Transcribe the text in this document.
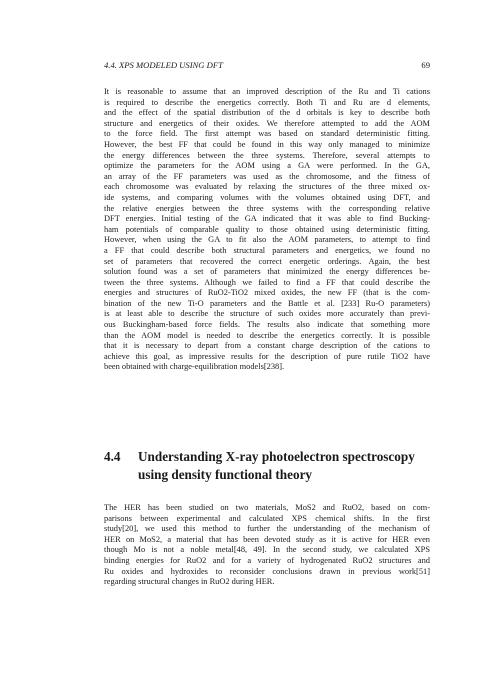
4.4. XPS MODELED USING DFT	69
It is reasonable to assume that an improved description of the Ru and Ti cations
is required to describe the energetics correctly. Both Ti and Ru are d elements,
and the effect of the spatial distribution of the d orbitals is key to describe both
structure and energetics of their oxides. We therefore attempted to add the AOM
to the force field. The first attempt was based on standard deterministic fitting.
However, the best FF that could be found in this way only managed to minimize
the energy differences between the three systems. Therefore, several attempts to
optimize the parameters for the AOM using a GA were performed. In the GA,
an array of the FF parameters was used as the chromosome, and the fitness of
each chromosome was evaluated by relaxing the structures of the three mixed ox-
ide systems, and comparing volumes with the volumes obtained using DFT, and
the relative energies between the three systems with the corresponding relative
DFT energies. Initial testing of the GA indicated that it was able to find Bucking-
ham potentials of comparable quality to those obtained using deterministic fitting.
However, when using the GA to fit also the AOM parameters, to attempt to find
a FF that could describe both structural parameters and energetics, we found no
set of parameters that recovered the correct energetic orderings. Again, the best
solution found was a set of parameters that minimized the energy differences be-
tween the three systems. Although we failed to find a FF that could describe the
energies and structures of RuO2-TiO2 mixed oxides, the new FF (that is the com-
bination of the new Ti-O parameters and the Battle et al. [233] Ru-O parameters)
is at least able to describe the structure of such oxides more accurately than previ-
ous Buckingham-based force fields. The results also indicate that something more
than the AOM model is needed to describe the energetics correctly. It is possible
that it is necessary to depart from a constant charge description of the cations to
achieve this goal, as impressive results for the description of pure rutile TiO2 have
been obtained with charge-equilibration models[238].
4.4 Understanding X-ray photoelectron spectroscopy
using density functional theory
The HER has been studied on two materials, MoS2 and RuO2, based on com-
parisons between experimental and calculated XPS chemical shifts. In the first
study[20], we used this method to further the understanding of the mechanism of
HER on MoS2, a material that has been devoted study as it is active for HER even
though Mo is not a noble metal[48, 49]. In the second study, we calculated XPS
binding energies for RuO2 and for a variety of hydrogenated RuO2 structures and
Ru oxides and hydroxides to reconsider conclusions drawn in previous work[51]
regarding structural changes in RuO2 during HER.
